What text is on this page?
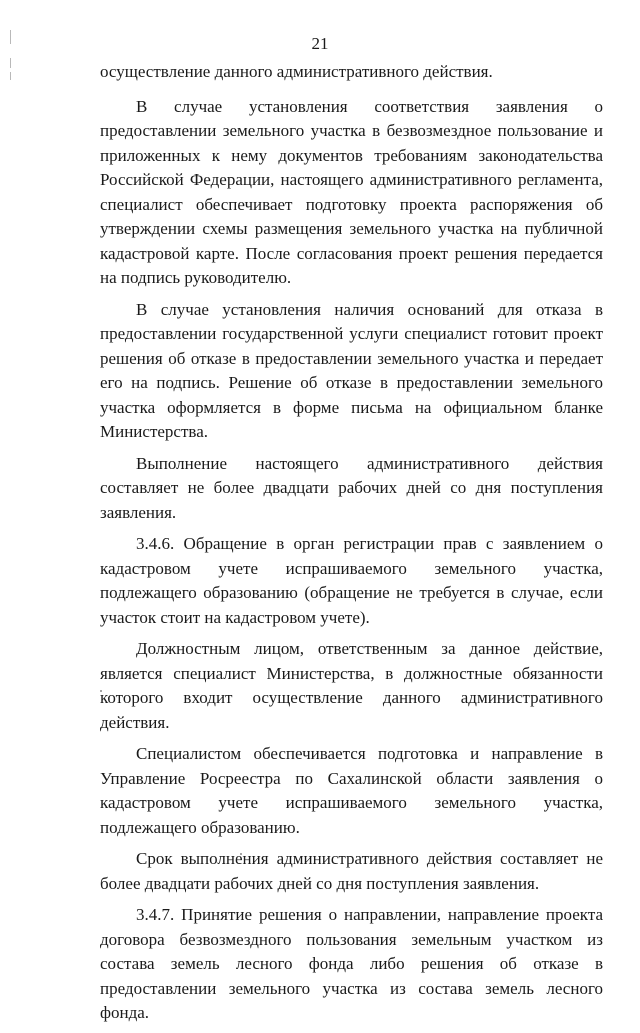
21

осуществление данного административного действия.

В случае установления соответствия заявления о предоставлении земельного участка в безвозмездное пользование и приложенных к нему документов требованиям законодательства Российской Федерации, настоящего административного регламента, специалист обеспечивает подготовку проекта распоряжения об утверждении схемы размещения земельного участка на публичной кадастровой карте. После согласования проект решения передается на подпись руководителю.

В случае установления наличия оснований для отказа в предоставлении государственной услуги специалист готовит проект решения об отказе в предоставлении земельного участка и передает его на подпись. Решение об отказе в предоставлении земельного участка оформляется в форме письма на официальном бланке Министерства.

Выполнение настоящего административного действия составляет не более двадцати рабочих дней со дня поступления заявления.

3.4.6. Обращение в орган регистрации прав с заявлением о кадастровом учете испрашиваемого земельного участка, подлежащего образованию (обращение не требуется в случае, если участок стоит на кадастровом учете).

Должностным лицом, ответственным за данное действие, является специалист Министерства, в должностные обязанности которого входит осуществление данного административного действия.

Специалистом обеспечивается подготовка и направление в Управление Росреестра по Сахалинской области заявления о кадастровом учете испрашиваемого земельного участка, подлежащего образованию.

Срок выполнения административного действия составляет не более двадцати рабочих дней со дня поступления заявления.

3.4.7. Принятие решения о направлении, направление проекта договора безвозмездного пользования земельным участком из состава земель лесного фонда либо решения об отказе в предоставлении земельного участка из состава земель лесного фонда.
